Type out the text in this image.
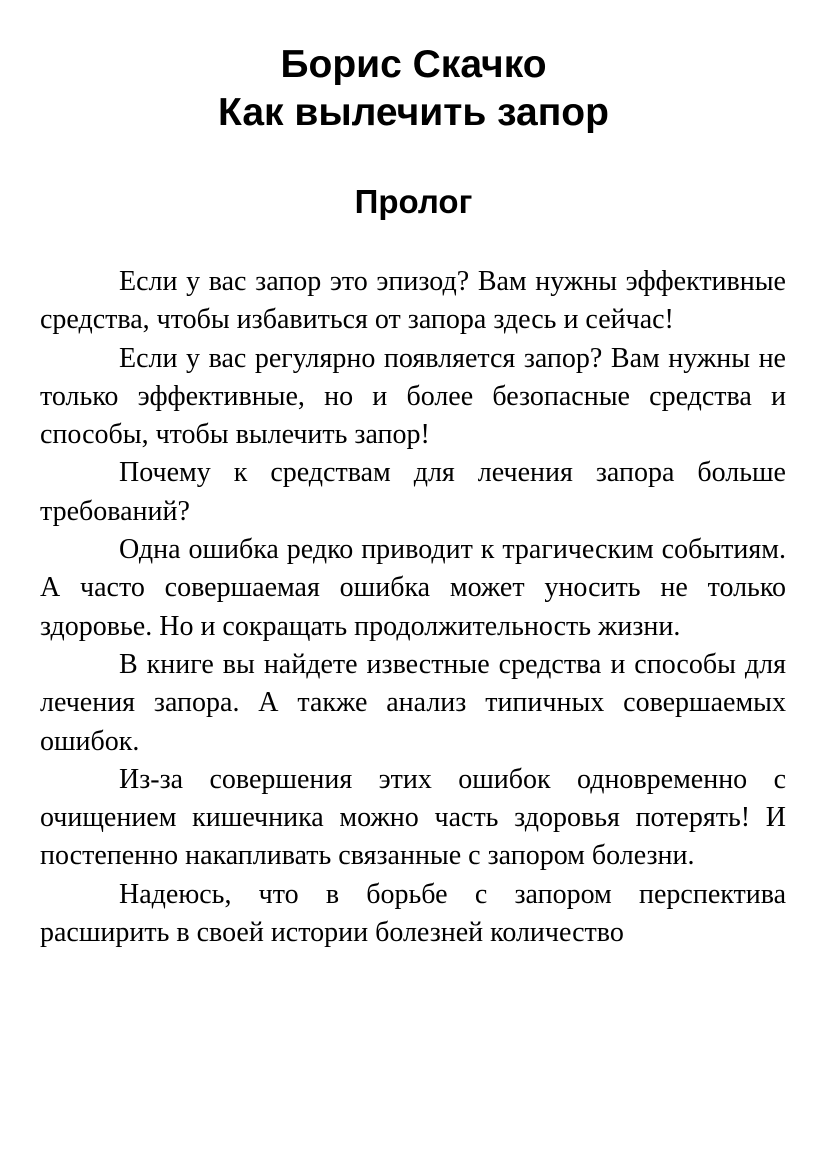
Борис Скачко
Как вылечить запор
Пролог

Если у вас запор это эпизод? Вам нужны эффективные средства, чтобы избавиться от запора здесь и сейчас!

Если у вас регулярно появляется запор? Вам нужны не только эффективные, но и более безопасные средства и способы, чтобы вылечить запор!

Почему к средствам для лечения запора больше требований?

Одна ошибка редко приводит к трагическим событиям. А часто совершаемая ошибка может уносить не только здоровье. Но и сокращать продолжительность жизни.

В книге вы найдете известные средства и способы для лечения запора. А также анализ типичных совершаемых ошибок.

Из-за совершения этих ошибок одновременно с очищением кишечника можно часть здоровья потерять! И постепенно накапливать связанные с запором болезни.

Надеюсь, что в борьбе с запором перспектива расширить в своей истории болезней количество
